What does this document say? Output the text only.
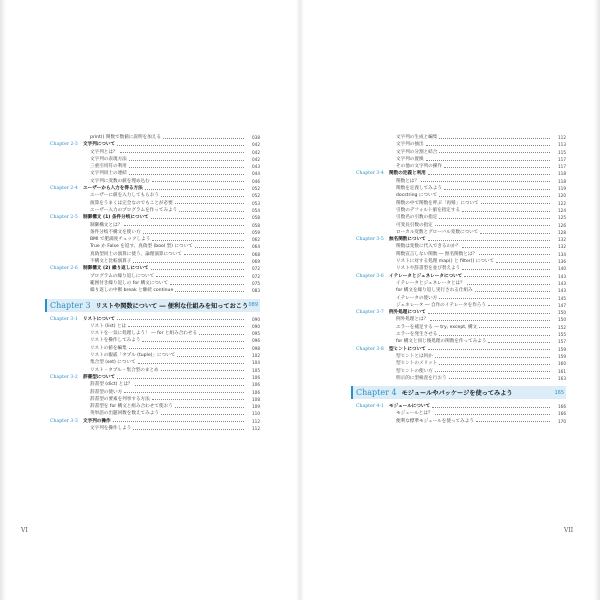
print() 関数で数値に説明を加える	038
Chapter 2-3	文字列について	042
文字列とは？	042
文字列の表現方法	042
三重引用符の利用	043
文字列同士の連結	044
文字列に変数の値を埋め込む	046
Chapter 2-4	ユーザーから入力を得る方法	052
ユーザーに値を入力してもらおう	052
演算をうまくは完全なのでもことが必要	053
ユーザー入力のプログラムを作ってみよう	054
Chapter 2-5	制御構文 (1) 条件分岐について	058
制御構文とは？	058
条件分岐不構文を使い方	059
BMI で肥満度チェックしよう	062
True か False を返す、真偽型 (bool 型) について	064
真偽型同士の演算に使う、論理演算について	068
不構文と比較演算子	069
Chapter 2-6	制御構文 (2) 繰り返しについて	072
プログラムの繰り返しについて	072
範囲付き繰り返しの for 構文について	075
繰り返しの中断 break と継続 continue	083
Chapter 3 リストや関数について ― 便利な仕組みを知っておこう 089
Chapter 3-1	リストについて	090
リスト (list) とは	090
リストを一気に処理しよう！ ― for と組み合わせる	095
リストを操作してみよう	096
リストの値を編集	098
リストの親戚「タプル (tuple)」について	102
集合型 (set) について	104
リスト・タプル・集合型のまとめ	105
Chapter 3-2	辞書型について	106
辞書型 (dict) とは？	106
辞書型の使い方	106
辞書型の要素を列挙する方法	108
辞書型を for 構文と組み合わせて使おう	109
英単語の出題回数を数えてみよう	110
Chapter 3-3	文字列の操作	112
文字列を操作しよう	112
文字列の生成と編集	112
文字列の抽出	113
文字列の分割と結合	115
文字列の置換	117
その他の文字列の操作	117
Chapter 3-4	関数の定義と利用	118
関数とは？	118
関数を定義してみよう	119
docstring について	120
関数の中で関数を呼ぶ「再帰」について	122
引数のデフォルト値を指定する	124
引数名の引数の指定	125
可変長引数の指定	126
ローカル変数とグローバル変数について	128
Chapter 3-5	無名関数について	132
関数は変数に代入できるのか？	132
関数宣言しない関数 ― 無名関数とは？	134
リストに対する処理 map() と filter() について	136
リストや辞書型を並び替えよう	140
Chapter 3-6	イテレータとジェネレータについて	143
イテレータとジェネレータとは？	143
for 構文を繰り返し実行される仕組み	143
イテレータの使い方	145
ジェネレータ ― 自作のイテレータを作ろう	147
Chapter 3-7	例外処理について	150
例外処理とは？	150
エラーを補足する ― try, except, 構文	152
エラーを発生させる	155
for 構文と同じ後処理の関数を作ってみよう	157
Chapter 3-8	型ヒントについて	159
型ヒントとは何か	159
型ヒントのメリット	160
型ヒントの使い方	161
明示的に型検査を行おう	163
Chapter 4 モジュールやパッケージを使ってみよう	165
Chapter 4-1	モジュールについて	166
モジュールとは？	166
便利な標準モジュールを使ってみよう	170
VI	VII
